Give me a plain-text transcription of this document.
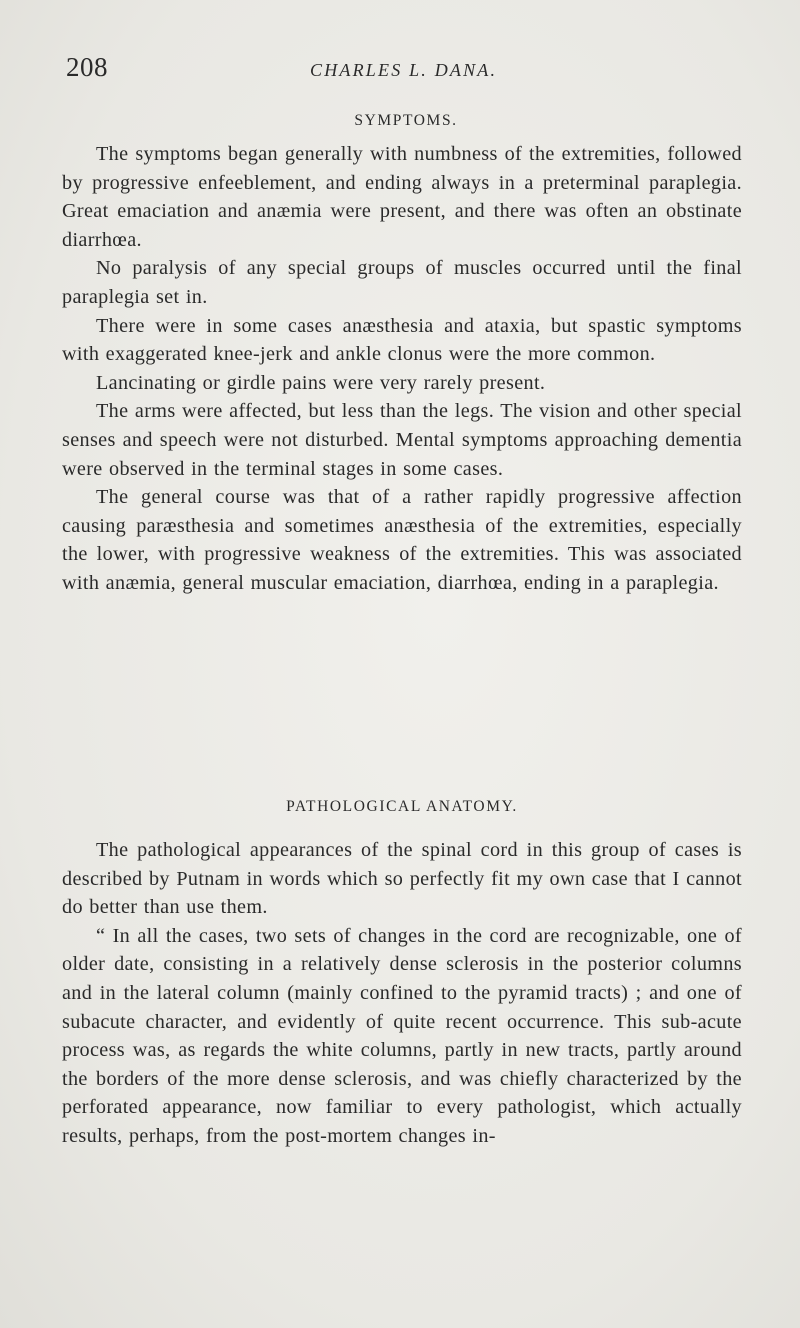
208	CHARLES L. DANA.
SYMPTOMS.

The symptoms began generally with numbness of the extremities, followed by progressive enfeeblement, and ending always in a preterminal paraplegia. Great emaciation and anæmia were present, and there was often an obstinate diarrhœa.

No paralysis of any special groups of muscles occurred until the final paraplegia set in.

There were in some cases anæsthesia and ataxia, but spastic symptoms with exaggerated knee-jerk and ankle clonus were the more common.

Lancinating or girdle pains were very rarely present.

The arms were affected, but less than the legs. The vision and other special senses and speech were not disturbed. Mental symptoms approaching dementia were observed in the terminal stages in some cases.

The general course was that of a rather rapidly progressive affection causing paræsthesia and sometimes anæsthesia of the extremities, especially the lower, with progressive weakness of the extremities. This was associated with anæmia, general muscular emaciation, diarrhœa, ending in a paraplegia.

PATHOLOGICAL ANATOMY.

The pathological appearances of the spinal cord in this group of cases is described by Putnam in words which so perfectly fit my own case that I cannot do better than use them.

“ In all the cases, two sets of changes in the cord are recognizable, one of older date, consisting in a relatively dense sclerosis in the posterior columns and in the lateral column (mainly confined to the pyramid tracts) ; and one of subacute character, and evidently of quite recent occurrence. This sub-acute process was, as regards the white columns, partly in new tracts, partly around the borders of the more dense sclerosis, and was chiefly characterized by the perforated appearance, now familiar to every pathologist, which actually results, perhaps, from the post-mortem changes in-
